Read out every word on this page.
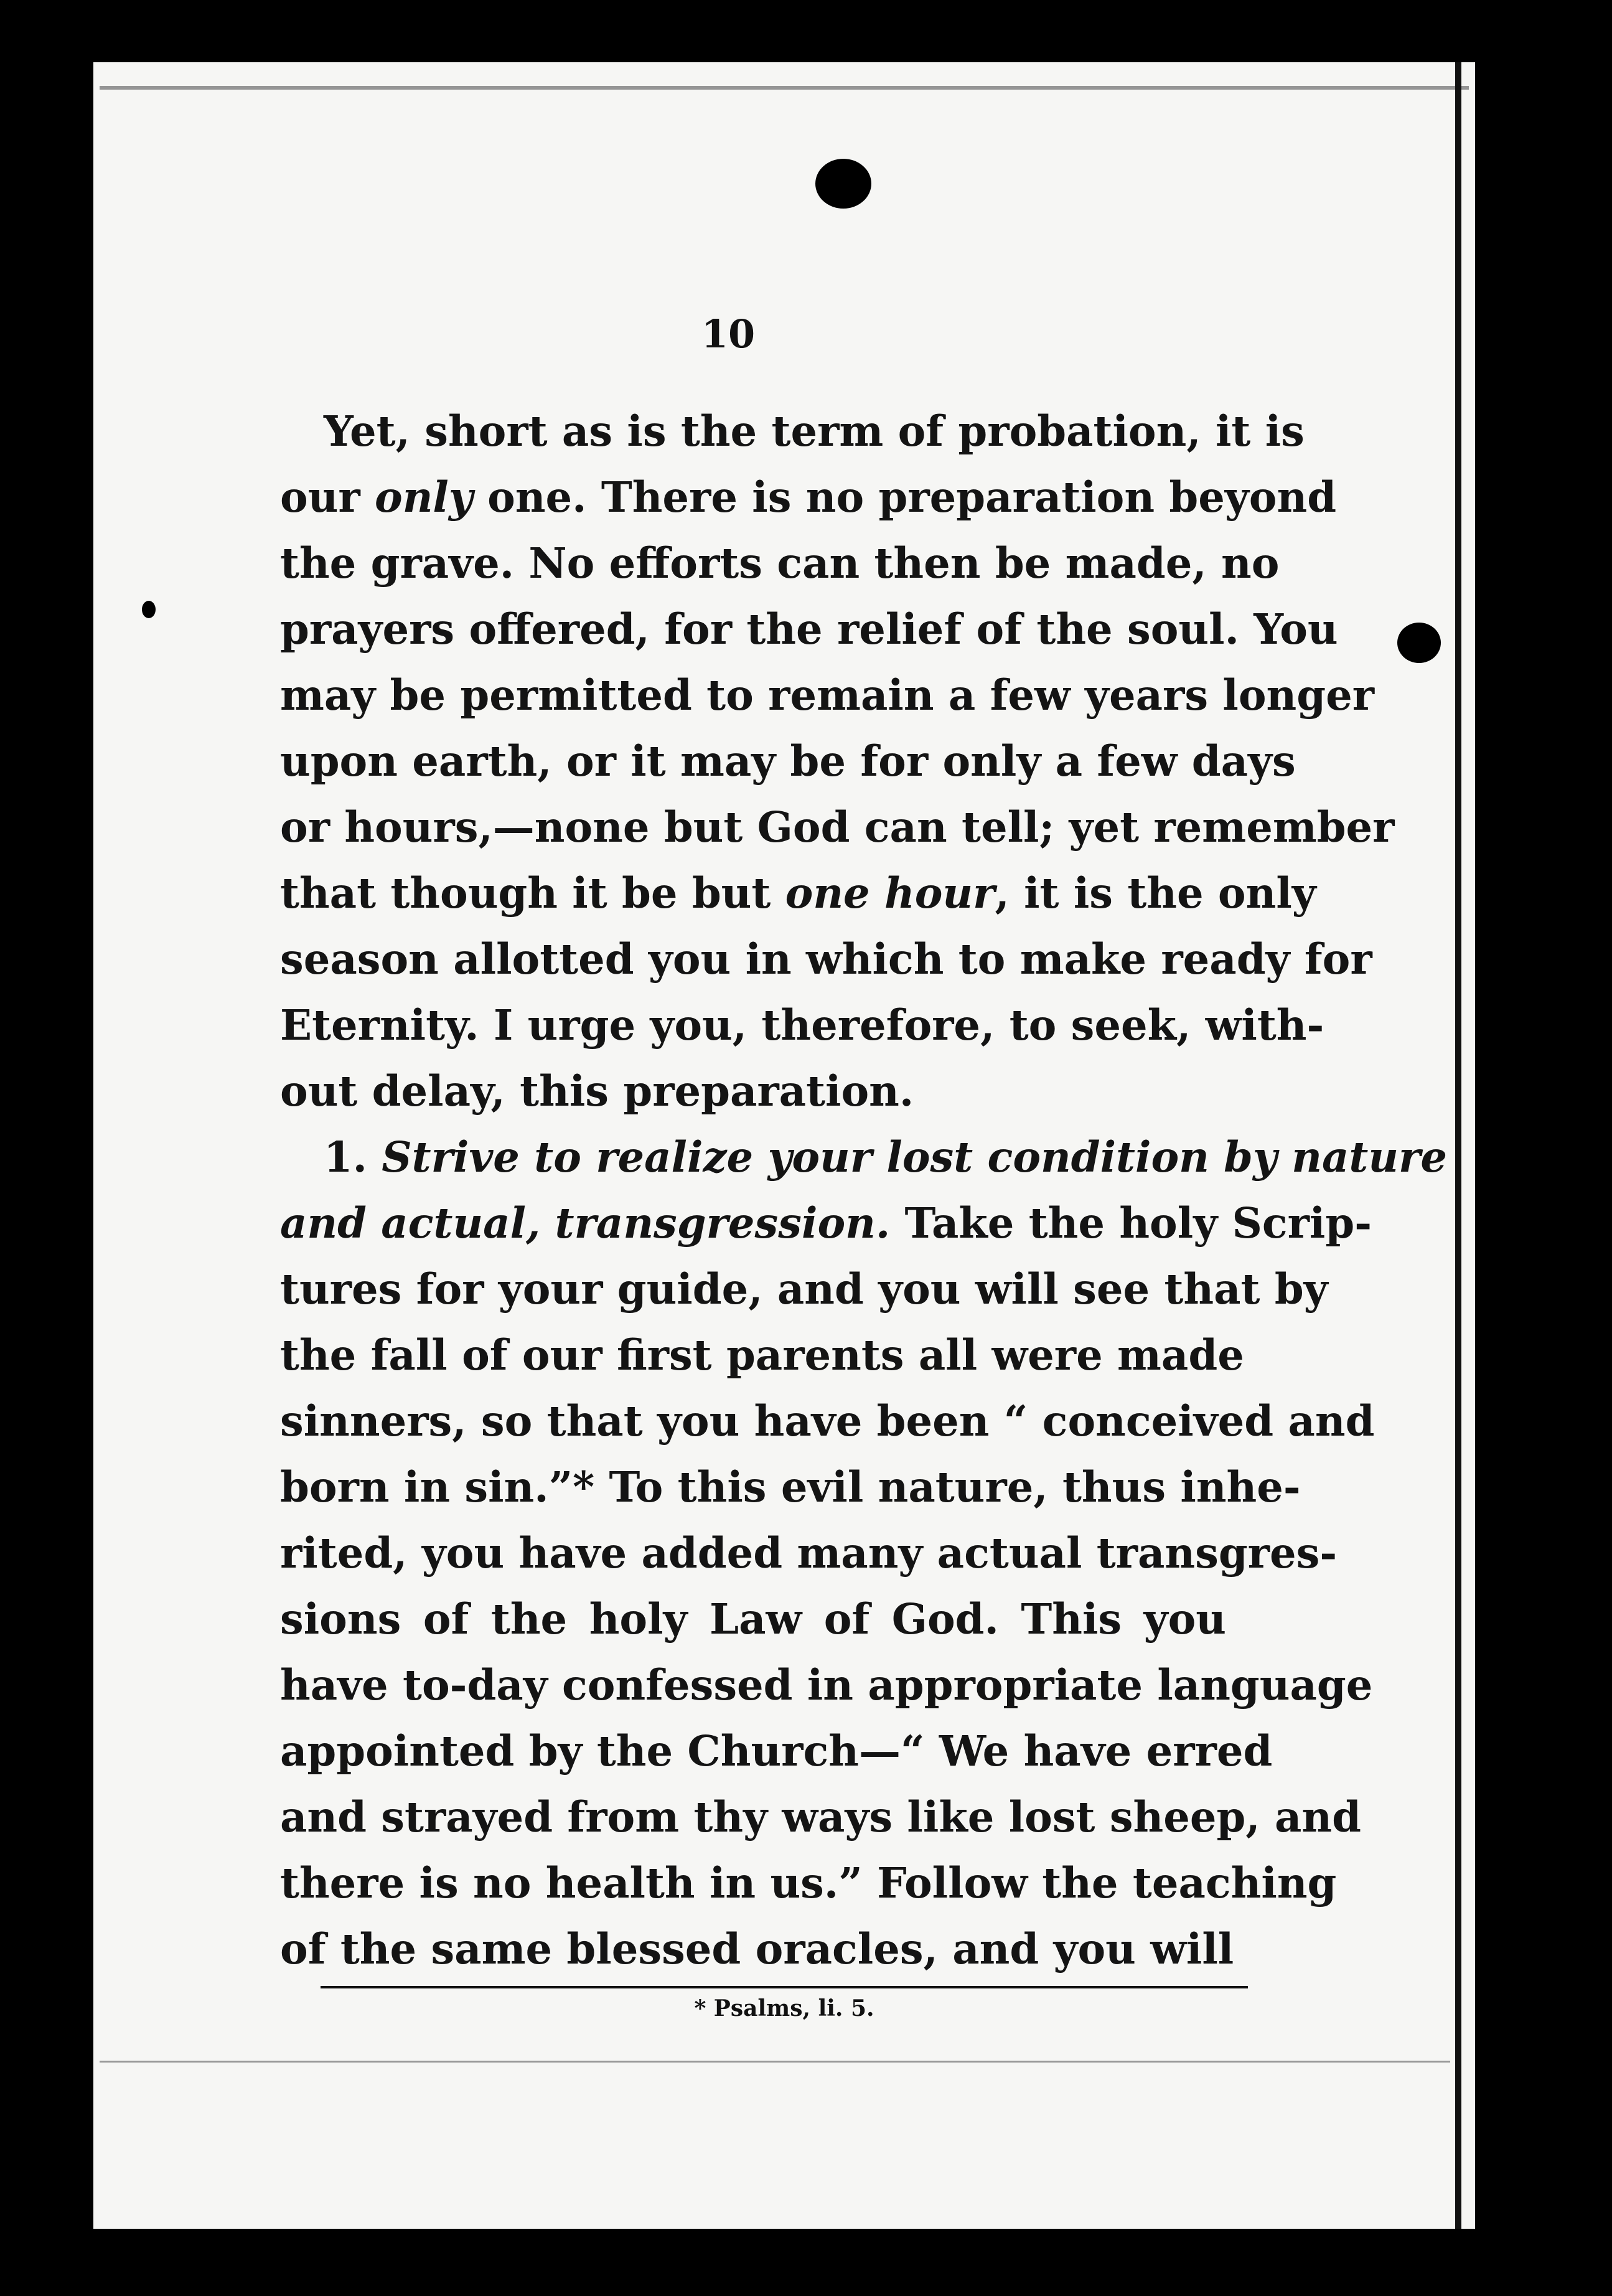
10
Yet, short as is the term of probation, it is
our only one. There is no preparation beyond
the grave. No efforts can then be made, no
prayers offered, for the relief of the soul. You
may be permitted to remain a few years longer
upon earth, or it may be for only a few days
or hours,—none but God can tell; yet remember
that though it be but one hour, it is the only
season allotted you in which to make ready for
Eternity. I urge you, therefore, to seek, with-
out delay, this preparation.
1. Strive to realize your lost condition by nature
and actual, transgression. Take the holy Scrip-
tures for your guide, and you will see that by
the fall of our first parents all were made
sinners, so that you have been “ conceived and
born in sin.”* To this evil nature, thus inhe-
rited, you have added many actual transgres-
sions of the holy Law of God. This you
have to-day confessed in appropriate language
appointed by the Church—“ We have erred
and strayed from thy ways like lost sheep, and
there is no health in us.” Follow the teaching
of the same blessed oracles, and you will
* Psalms, li. 5.
